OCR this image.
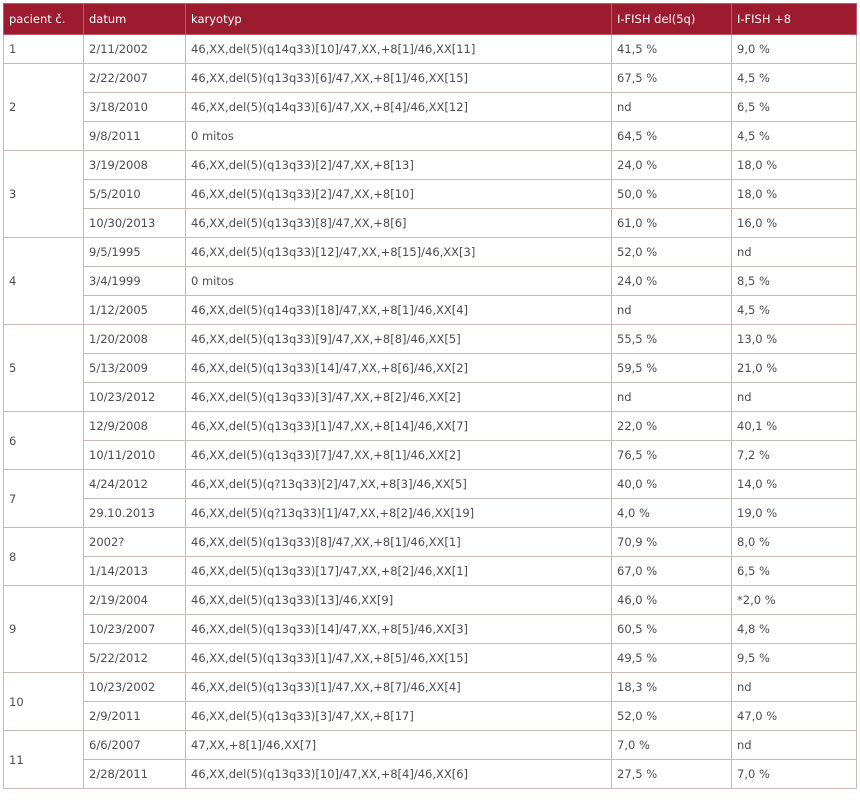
pacient č.	datum	karyotyp	I-FISH del(5q)	I-FISH +8
1	2/11/2002	46,XX,del(5)(q14q33)[10]/47,XX,+8[1]/46,XX[11]	41,5 %	9,0 %
2	2/22/2007	46,XX,del(5)(q13q33)[6]/47,XX,+8[1]/46,XX[15]	67,5 %	4,5 %
	3/18/2010	46,XX,del(5)(q14q33)[6]/47,XX,+8[4]/46,XX[12]	nd	6,5 %
	9/8/2011	0 mitos	64,5 %	4,5 %
3	3/19/2008	46,XX,del(5)(q13q33)[2]/47,XX,+8[13]	24,0 %	18,0 %
	5/5/2010	46,XX,del(5)(q13q33)[2]/47,XX,+8[10]	50,0 %	18,0 %
	10/30/2013	46,XX,del(5)(q13q33)[8]/47,XX,+8[6]	61,0 %	16,0 %
4	9/5/1995	46,XX,del(5)(q13q33)[12]/47,XX,+8[15]/46,XX[3]	52,0 %	nd
	3/4/1999	0 mitos	24,0 %	8,5 %
	1/12/2005	46,XX,del(5)(q14q33)[18]/47,XX,+8[1]/46,XX[4]	nd	4,5 %
5	1/20/2008	46,XX,del(5)(q13q33)[9]/47,XX,+8[8]/46,XX[5]	55,5 %	13,0 %
	5/13/2009	46,XX,del(5)(q13q33)[14]/47,XX,+8[6]/46,XX[2]	59,5 %	21,0 %
	10/23/2012	46,XX,del(5)(q13q33)[3]/47,XX,+8[2]/46,XX[2]	nd	nd
6	12/9/2008	46,XX,del(5)(q13q33)[1]/47,XX,+8[14]/46,XX[7]	22,0 %	40,1 %
	10/11/2010	46,XX,del(5)(q13q33)[7]/47,XX,+8[1]/46,XX[2]	76,5 %	7,2 %
7	4/24/2012	46,XX,del(5)(q?13q33)[2]/47,XX,+8[3]/46,XX[5]	40,0 %	14,0 %
	29.10.2013	46,XX,del(5)(q?13q33)[1]/47,XX,+8[2]/46,XX[19]	4,0 %	19,0 %
8	2002?	46,XX,del(5)(q13q33)[8]/47,XX,+8[1]/46,XX[1]	70,9 %	8,0 %
	1/14/2013	46,XX,del(5)(q13q33)[17]/47,XX,+8[2]/46,XX[1]	67,0 %	6,5 %
9	2/19/2004	46,XX,del(5)(q13q33)[13]/46,XX[9]	46,0 %	*2,0 %
	10/23/2007	46,XX,del(5)(q13q33)[14]/47,XX,+8[5]/46,XX[3]	60,5 %	4,8 %
	5/22/2012	46,XX,del(5)(q13q33)[1]/47,XX,+8[5]/46,XX[15]	49,5 %	9,5 %
10	10/23/2002	46,XX,del(5)(q13q33)[1]/47,XX,+8[7]/46,XX[4]	18,3 %	nd
	2/9/2011	46,XX,del(5)(q13q33)[3]/47,XX,+8[17]	52,0 %	47,0 %
11	6/6/2007	47,XX,+8[1]/46,XX[7]	7,0 %	nd
	2/28/2011	46,XX,del(5)(q13q33)[10]/47,XX,+8[4]/46,XX[6]	27,5 %	7,0 %
